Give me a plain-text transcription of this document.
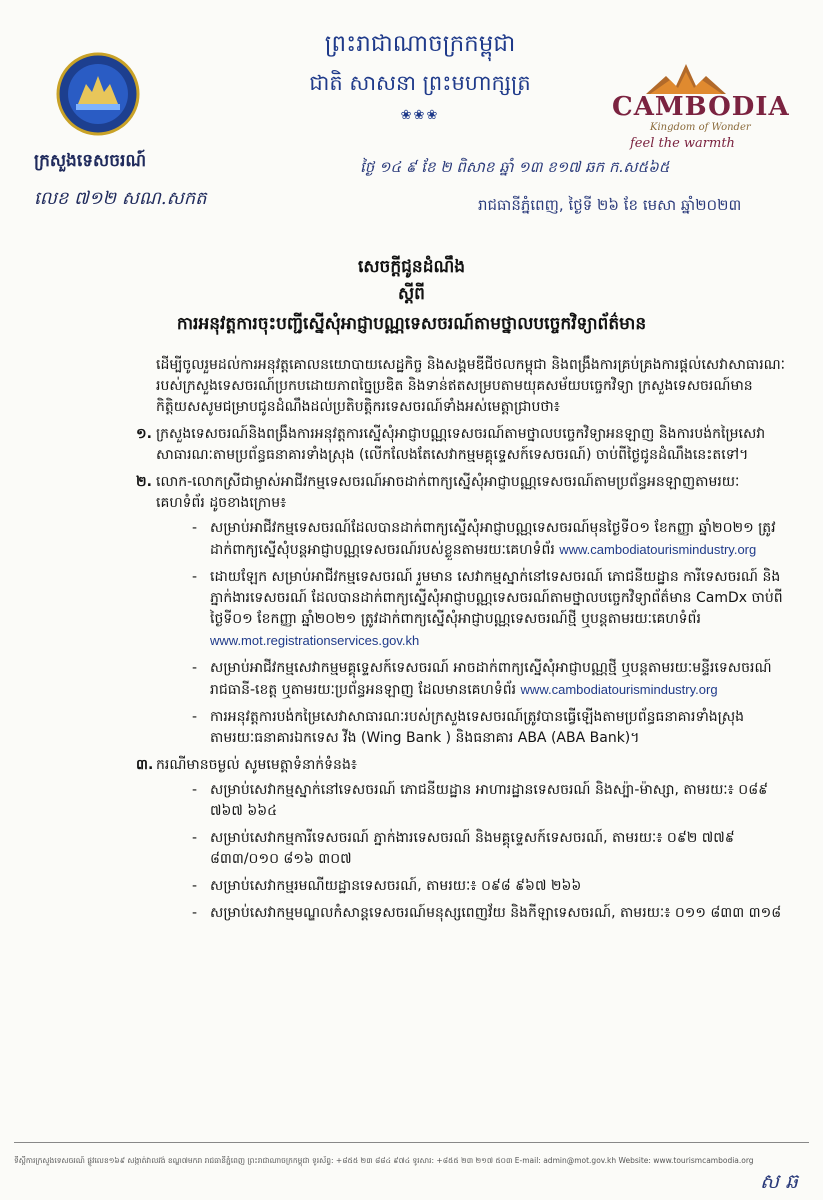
ព្រះរាជាណាចក្រកម្ពុជា
ជាតិ សាសនា ព្រះមហាក្សត្រ
❀❀❀	CAMBODIA
Kingdom of Wonder
feel the warmth
ក្រសួងទេសចរណ៍
លេខ ៧១២ សណ.សកត
ថ្ងៃ ១៤ ៩ ខែ ២ ពិសាខ ឆ្នាំ ១៣ ខ១៧ ឆក ក.ស៥៦៥
រាជធានីភ្នំពេញ, ថ្ងៃទី ២៦ ខែ មេសា ឆ្នាំ២០២៣
សេចក្តីជូនដំណឹង
ស្តីពី
ការអនុវត្តការចុះបញ្ជីស្នើសុំអាជ្ញាបណ្ណទេសចរណ៍តាមថ្នាលបច្ចេកវិទ្យាព័ត៌មាន

ដើម្បីចូលរួមដល់ការអនុវត្តគោលនយោបាយសេដ្ឋកិច្ច និងសង្គមឌីជីថលកម្ពុជា និងពង្រឹងការគ្រប់គ្រងការផ្តល់សេវាសាធារណៈរបស់ក្រសួងទេសចរណ៍ប្រកបដោយភាពច្នៃប្រឌិត និងទាន់ឥតសម្របតាមយុគសម័យបច្ចេកវិទ្យា ក្រសួងទេសចរណ៍មានកិត្តិយសសូមជម្រាបជូនដំណឹងដល់ប្រតិបត្តិករទេសចរណ៍ទាំងអស់មេត្តាជ្រាបថា៖

១. ក្រសួងទេសចរណ៍និងពង្រឹងការអនុវត្តការស្នើសុំអាជ្ញាបណ្ណទេសចរណ៍តាមថ្នាលបច្ចេកវិទ្យាអនឡាញ និងការបង់កម្រៃសេវាសាធារណៈតាមប្រព័ន្ធធនាគារទាំងស្រុង (លើកលែងតែសេវាកម្មមគ្គុទ្ទេសក៍ទេសចរណ៍) ចាប់ពីថ្ងៃជូនដំណឹងនេះតទៅ។
២. លោក-លោកស្រីជាម្ចាស់អាជីវកម្មទេសចរណ៍អាចដាក់ពាក្យស្នើសុំអាជ្ញាបណ្ណទេសចរណ៍តាមប្រព័ន្ធអនឡាញតាមរយៈគេហទំព័រ ដូចខាងក្រោម៖
- សម្រាប់អាជីវកម្មទេសចរណ៍ដែលបានដាក់ពាក្យស្នើសុំអាជ្ញាបណ្ណទេសចរណ៍មុនថ្ងៃទី០១ ខែកញ្ញា ឆ្នាំ២០២១ ត្រូវដាក់ពាក្យស្នើសុំបន្តអាជ្ញាបណ្ណទេសចរណ៍របស់ខ្លួនតាមរយៈគេហទំព័រ www.cambodiatourismindustry.org
- ដោយឡែក សម្រាប់អាជីវកម្មទេសចរណ៍ រួមមាន សេវាកម្មស្នាក់នៅទេសចរណ៍ ភោជនីយដ្ឋាន ការីទេសចរណ៍ និងភ្នាក់ងារទេសចរណ៍ ដែលបានដាក់ពាក្យស្នើសុំអាជ្ញាបណ្ណទេសចរណ៍តាមថ្នាលបច្ចេកវិទ្យាព័ត៌មាន CamDx ចាប់ពីថ្ងៃទី០១ ខែកញ្ញា ឆ្នាំ២០២១ ត្រូវដាក់ពាក្យស្នើសុំអាជ្ញាបណ្ណទេសចរណ៍ថ្មី ឬបន្តតាមរយៈគេហទំព័រ www.mot.registrationservices.gov.kh
- សម្រាប់អាជីវកម្មសេវាកម្មមគ្គុទ្ទេសក៍ទេសចរណ៍ អាចដាក់ពាក្យស្នើសុំអាជ្ញាបណ្ណថ្មី ឬបន្តតាមរយៈមន្ទីរទេសចរណ៍រាជធានី-ខេត្ត ឬតាមរយៈប្រព័ន្ធអនឡាញ ដែលមានគេហទំព័រ www.cambodiatourismindustry.org
- ការអនុវត្តការបង់កម្រៃសេវាសាធារណៈរបស់ក្រសួងទេសចរណ៍ត្រូវបានធ្វើឡើងតាមប្រព័ន្ធធនាគារទាំងស្រុងតាមរយៈធនាគារឯកទេស វីង (Wing Bank ) និងធនាគារ ABA (ABA Bank)។
៣. ករណីមានចម្ងល់ សូមមេត្តាទំនាក់ទំនង៖
- សម្រាប់សេវាកម្មស្នាក់នៅទេសចរណ៍ ភោជនីយដ្ឋាន អាហារដ្ឋានទេសចរណ៍ និងស្ប៉ា-ម៉ាស្សា, តាមរយៈ៖ ០៨៩ ៧៦៧ ៦៦៤
- សម្រាប់សេវាកម្មការីទេសចរណ៍ ភ្នាក់ងារទេសចរណ៍ និងមគ្គុទ្ទេសក៍ទេសចរណ៍, តាមរយៈ៖ ០៩២ ៧៧៩ ៨៣៣/០១០ ៨១៦ ៣០៧
- សម្រាប់សេវាកម្មរមណីយដ្ឋានទេសចរណ៍, តាមរយៈ៖ ០៩៨ ៩៦៧ ២៦៦
- សម្រាប់សេវាកម្មមណ្ឌលកំសាន្តទេសចរណ៍មនុស្សពេញវ័យ និងកីឡាទេសចរណ៍, តាមរយៈ៖ ០១១ ៨៣៣ ៣១៨
ទីស្តីការក្រសួងទេសចរណ៍ ផ្លូវលេខ១៦៩ សង្កាត់វាលវង់ ខណ្ឌ៧មករា រាជធានីភ្នំពេញ ព្រះរាជាណាចក្រកម្ពុជា ទូរស័ព្ទ: +៨៥៥ ២៣ ៨៨៤ ៩៧៤ ទូរសារ: +៨៥៥ ២៣ ២១៧ ៥០៣ E-mail: admin@mot.gov.kh Website: www.tourismcambodia.org
ស ឆ
